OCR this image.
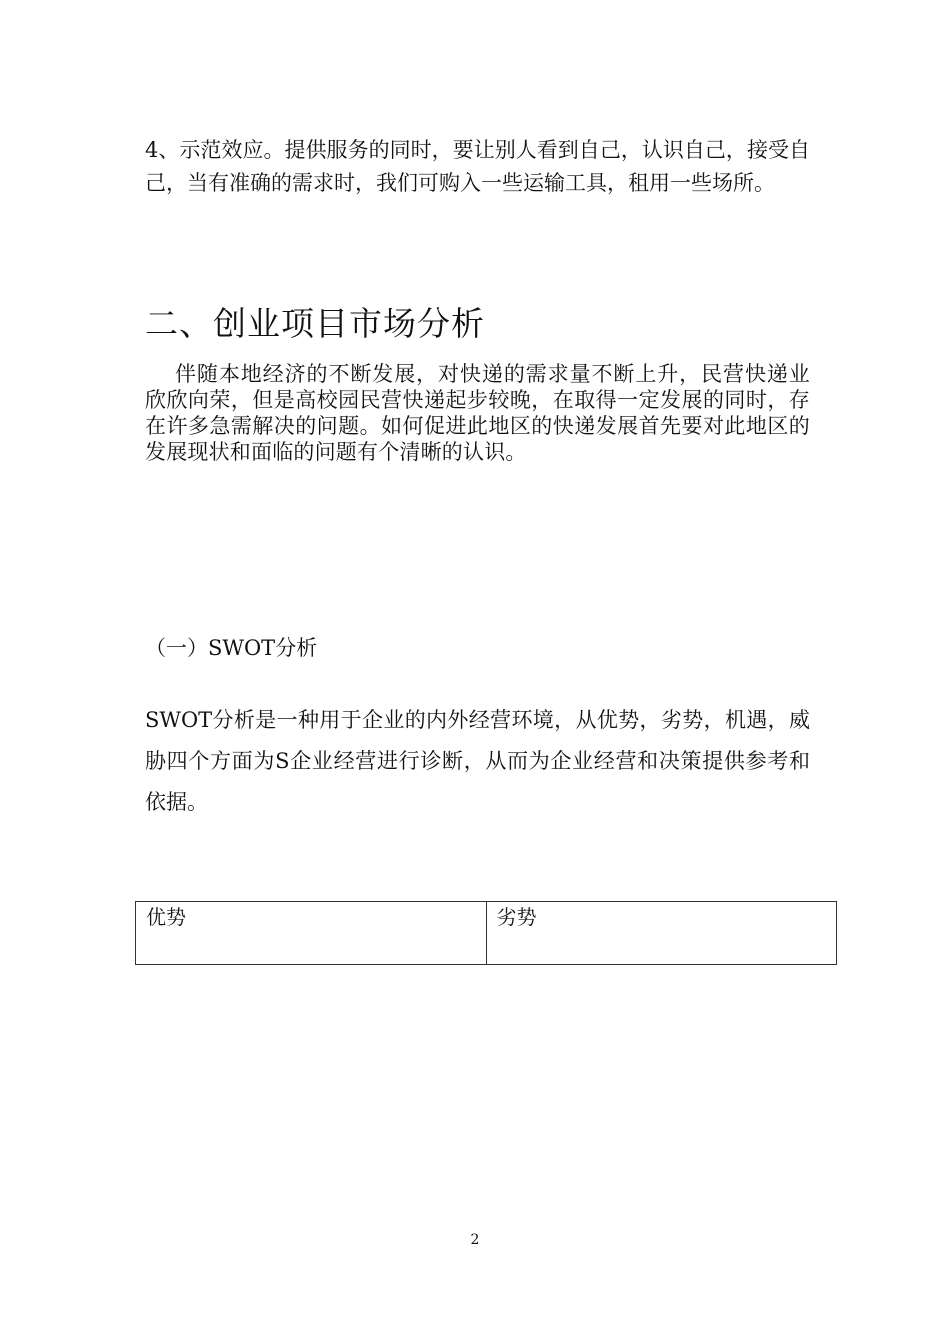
4、示范效应。提供服务的同时，要让别人看到自己，认识自己，接受自己，当有准确的需求时，我们可购入一些运输工具，租用一些场所。

二、创业项目市场分析

伴随本地经济的不断发展，对快递的需求量不断上升，民营快递业欣欣向荣，但是高校园民营快递起步较晚，在取得一定发展的同时，存在许多急需解决的问题。如何促进此地区的快递发展首先要对此地区的发展现状和面临的问题有个清晰的认识。

（一）SWOT分析

SWOT分析是一种用于企业的内外经营环境，从优势，劣势，机遇，威胁四个方面为S企业经营进行诊断，从而为企业经营和决策提供参考和依据。

优势	劣势
2
